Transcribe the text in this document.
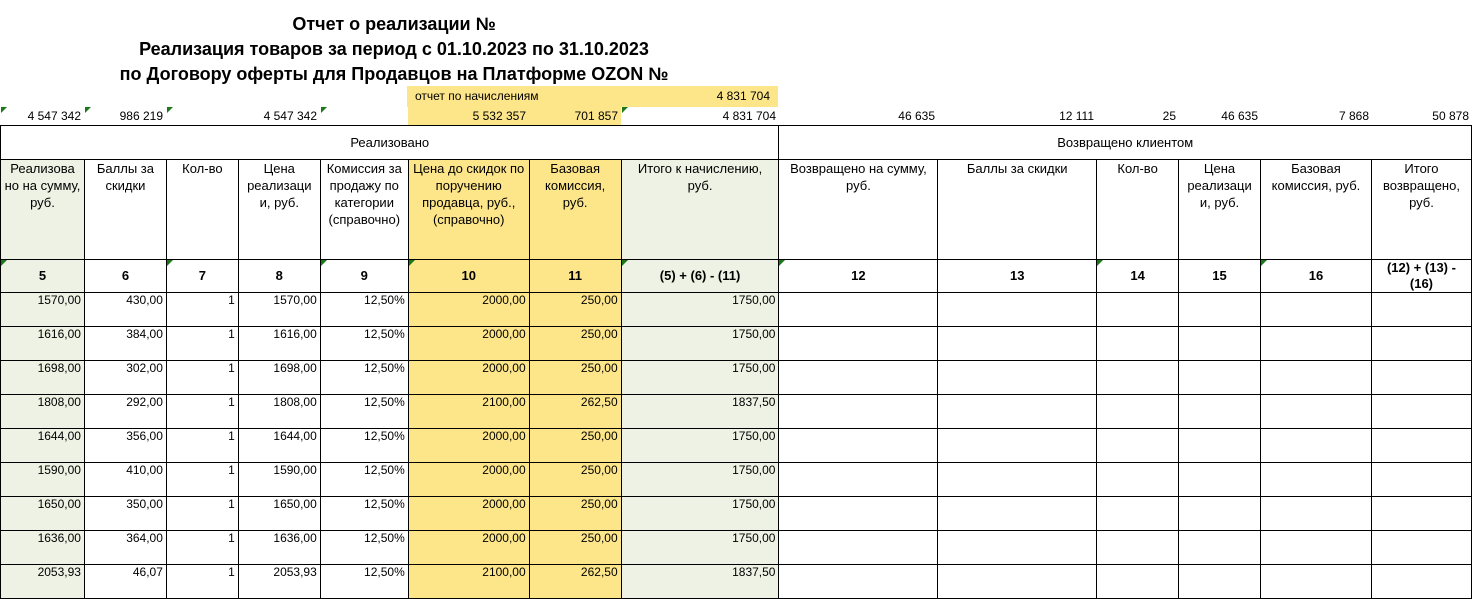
Отчет о реализации №
Реализация товаров за период с 01.10.2023 по 31.10.2023
по Договору оферты для Продавцов на Платформе OZON №
отчет по начислениям	4 831 704
4 547 342	986 219	4 547 342	5 532 357	701 857	4 831 704	46 635	12 111	25	46 635	7 868	50 878
Реализовано								Возвращено клиентом					
Реализова но на сумму, руб.	Баллы за скидки	Кол-во	Цена реализаци и, руб.	Комиссия за продажу по категории (справочно)	Цена до скидок по поручению продавца, руб., (справочно)	Базовая комиссия, руб.	Итого к начислению, руб.	Возвращено на сумму, руб.	Баллы за скидки	Кол-во	Цена реализаци и, руб.	Базовая комиссия, руб.	Итого возвращено, руб.
5	6	7	8	9	10	11	(5) + (6) - (11)	12	13	14	15	16	(12) + (13) - (16)
1570,00	430,00	1	1570,00	12,50%	2000,00	250,00	1750,00						
1616,00	384,00	1	1616,00	12,50%	2000,00	250,00	1750,00						
1698,00	302,00	1	1698,00	12,50%	2000,00	250,00	1750,00						
1808,00	292,00	1	1808,00	12,50%	2100,00	262,50	1837,50						
1644,00	356,00	1	1644,00	12,50%	2000,00	250,00	1750,00						
1590,00	410,00	1	1590,00	12,50%	2000,00	250,00	1750,00						
1650,00	350,00	1	1650,00	12,50%	2000,00	250,00	1750,00						
1636,00	364,00	1	1636,00	12,50%	2000,00	250,00	1750,00						
2053,93	46,07	1	2053,93	12,50%	2100,00	262,50	1837,50						
